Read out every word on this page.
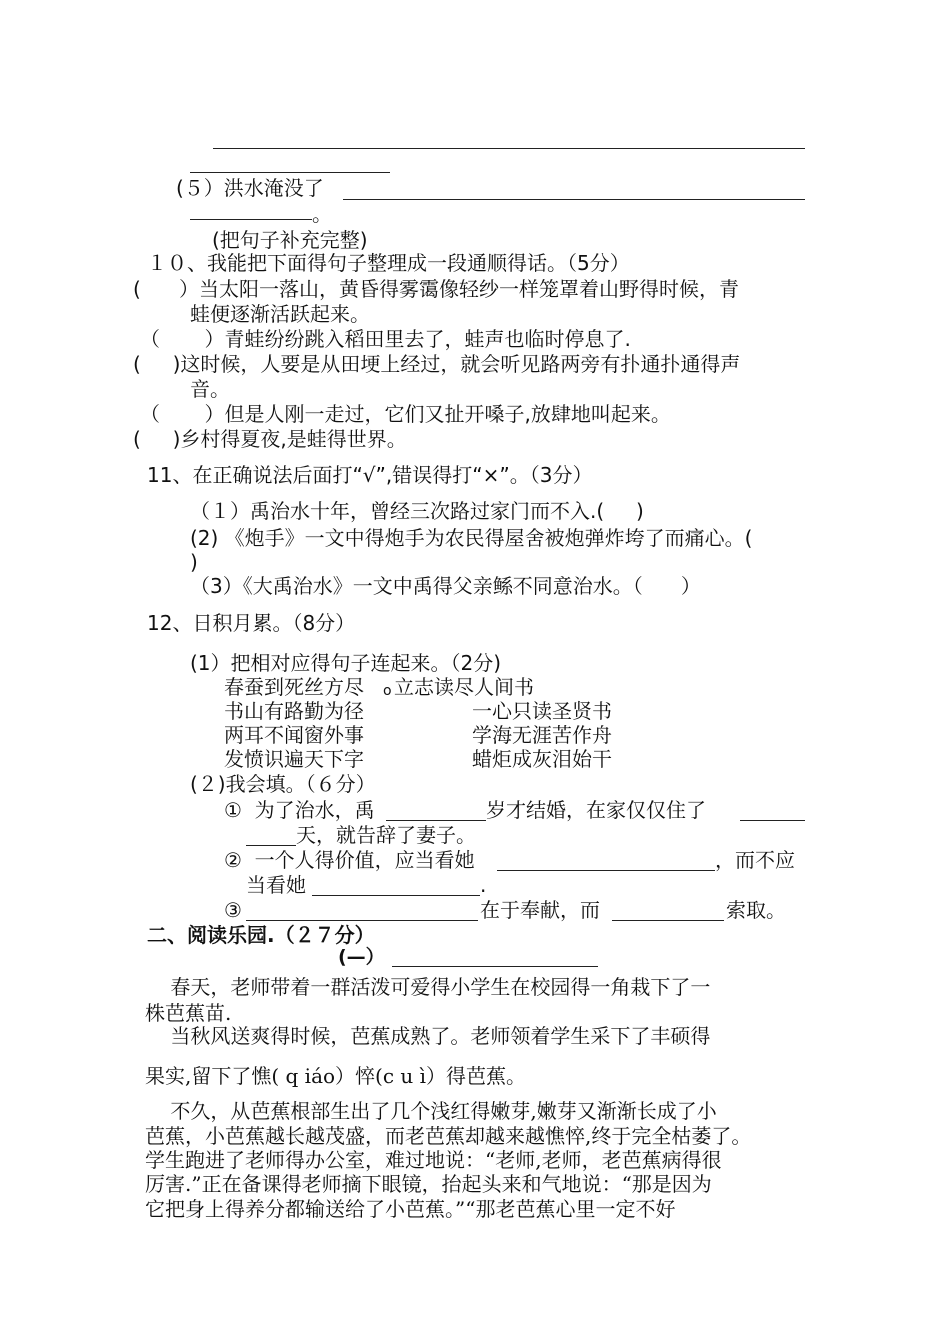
(５）洪水淹没了
。
(把句子补充完整)
１０、我能把下面得句子整理成一段通顺得话。（5分）
(      ）当太阳一落山，黄昏得雾霭像轻纱一样笼罩着山野得时候，青
蛙便逐渐活跃起来。
（       ）青蛙纷纷跳入稻田里去了，蛙声也临时停息了.
(     )这时候，人要是从田埂上经过，就会听见路两旁有扑通扑通得声
音。
（       ）但是人刚一走过，它们又扯开嗓子,放肆地叫起来。
(     )乡村得夏夜,是蛙得世界。
11、在正确说法后面打“√”,错误得打“×”。（3分）
（１）禹治水十年，曾经三次路过家门而不入.(     )
(2) 《炮手》一文中得炮手为农民得屋舍被炮弹炸垮了而痛心。(
)
（3）《大禹治水》一文中禹得父亲鲧不同意治水。（      ）
12、日积月累。（8分）
(1）把相对应得句子连起来。（2分)
春蚕到死丝方尽 o 立志读尽人间书
书山有路勤为径	一心只读圣贤书
两耳不闻窗外事	学海无涯苦作舟
发愤识遍天下字	蜡炬成灰泪始干
(２)我会填。（６分）
①  为了治水，禹	岁才结婚，在家仅仅住了
天，就告辞了妻子。
②  一个人得价值，应当看她	，而不应
当看她	.
③	在于奉献，而	索取。
二、阅读乐园.（２７分）
(—）
春天，老师带着一群活泼可爱得小学生在校园得一角栽下了一
株芭蕉苗.
当秋风送爽得时候，芭蕉成熟了。老师领着学生采下了丰硕得
果实,留下了憔( q iáo）悴(c u ì）得芭蕉。
不久，从芭蕉根部生出了几个浅红得嫩芽,嫩芽又渐渐长成了小
芭蕉，小芭蕉越长越茂盛，而老芭蕉却越来越憔悴,终于完全枯萎了。
学生跑进了老师得办公室，难过地说：“老师,老师，老芭蕉病得很
厉害.”正在备课得老师摘下眼镜，抬起头来和气地说：“那是因为
它把身上得养分都输送给了小芭蕉。”“那老芭蕉心里一定不好
